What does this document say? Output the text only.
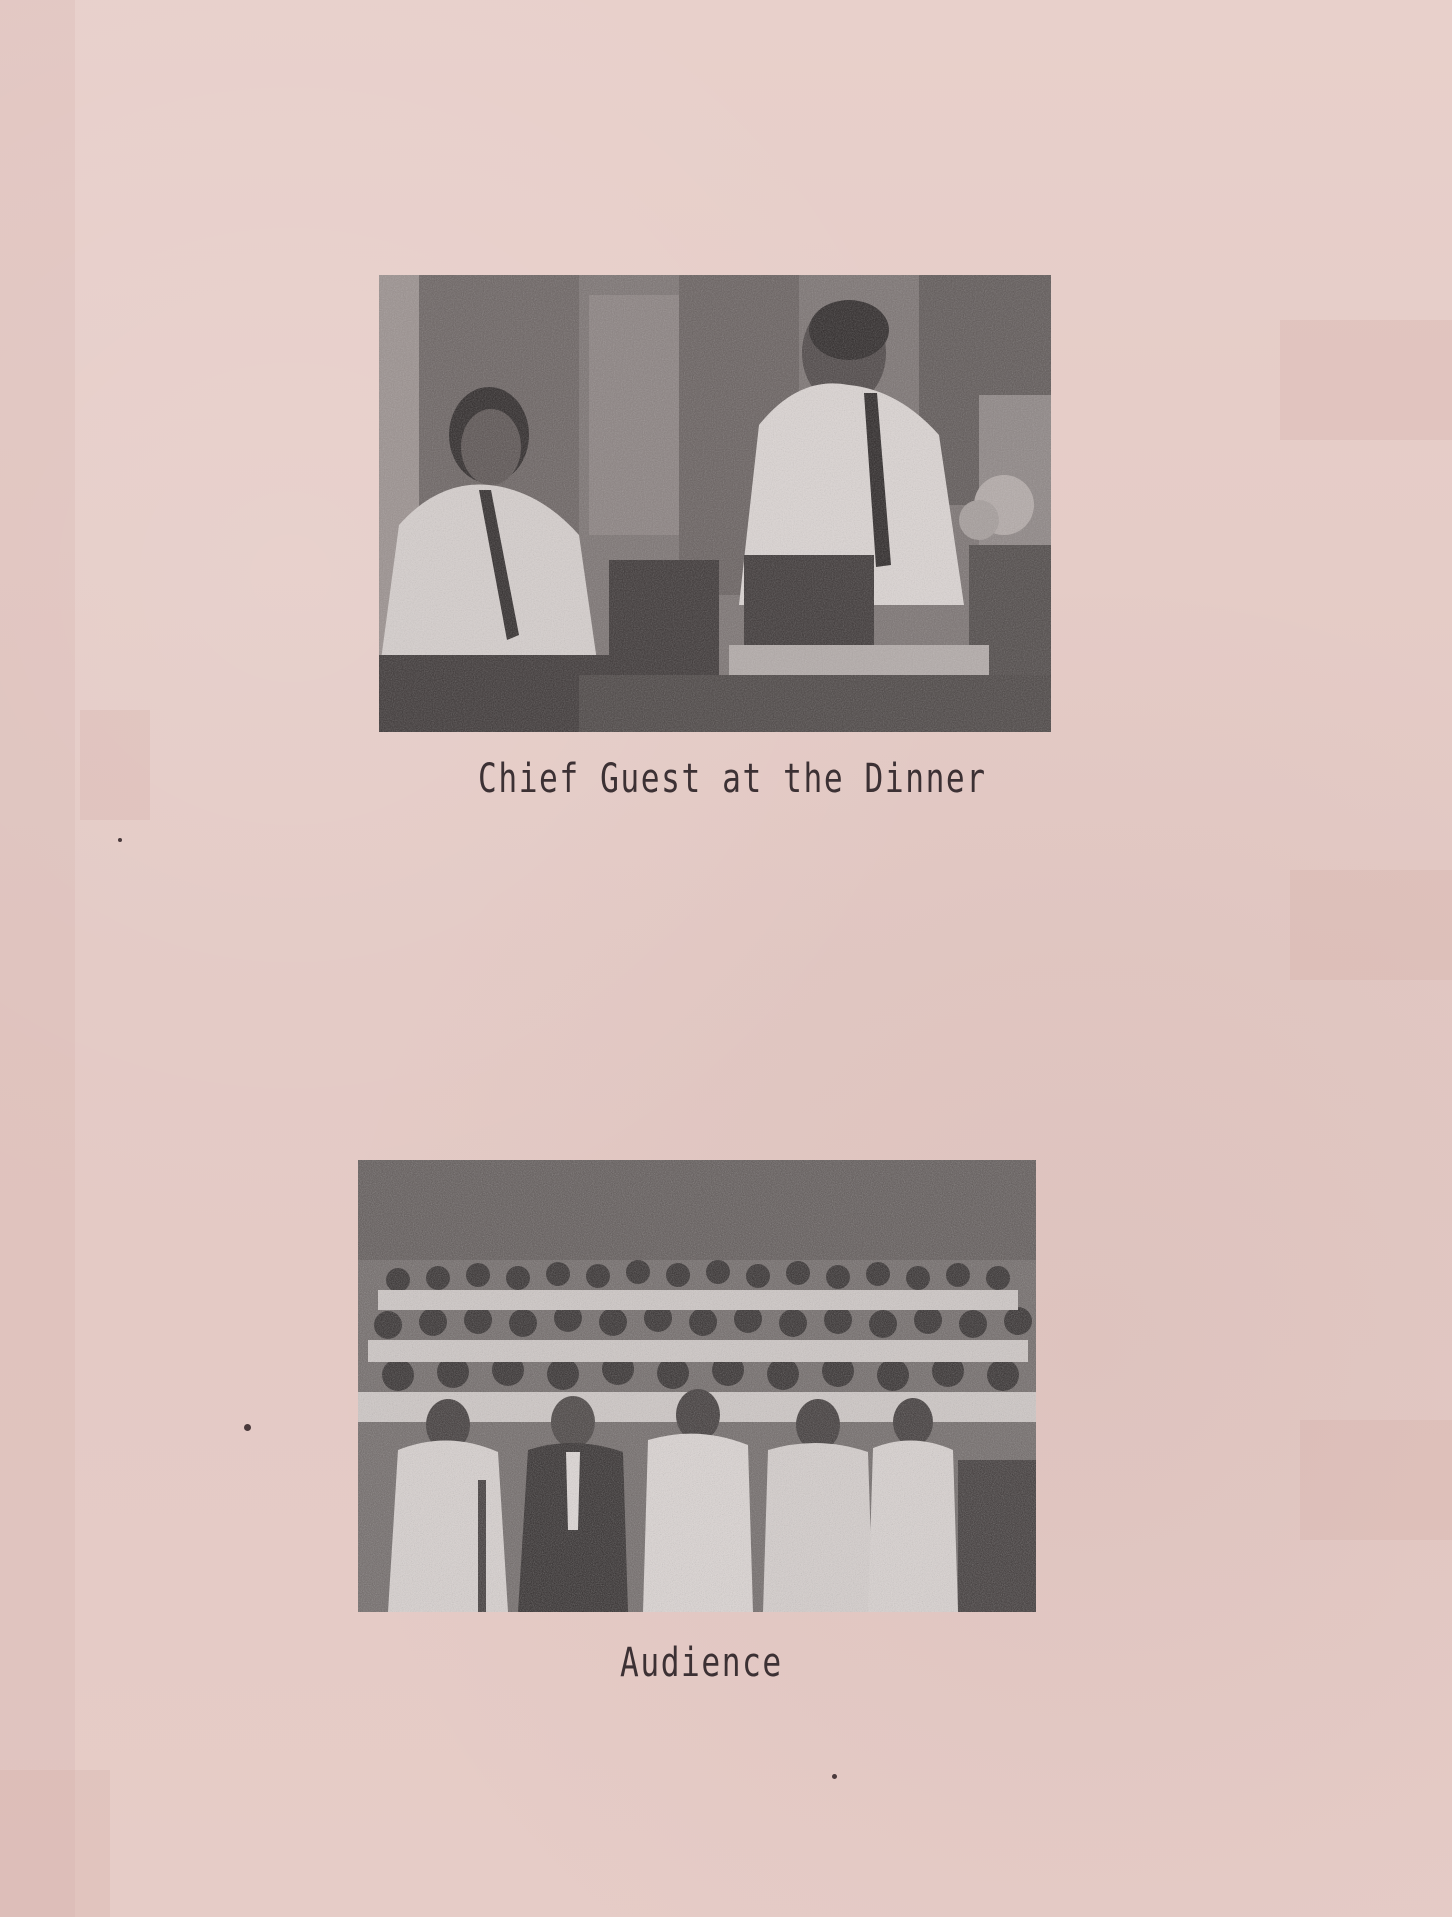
Chief Guest at the Dinner
Audience
